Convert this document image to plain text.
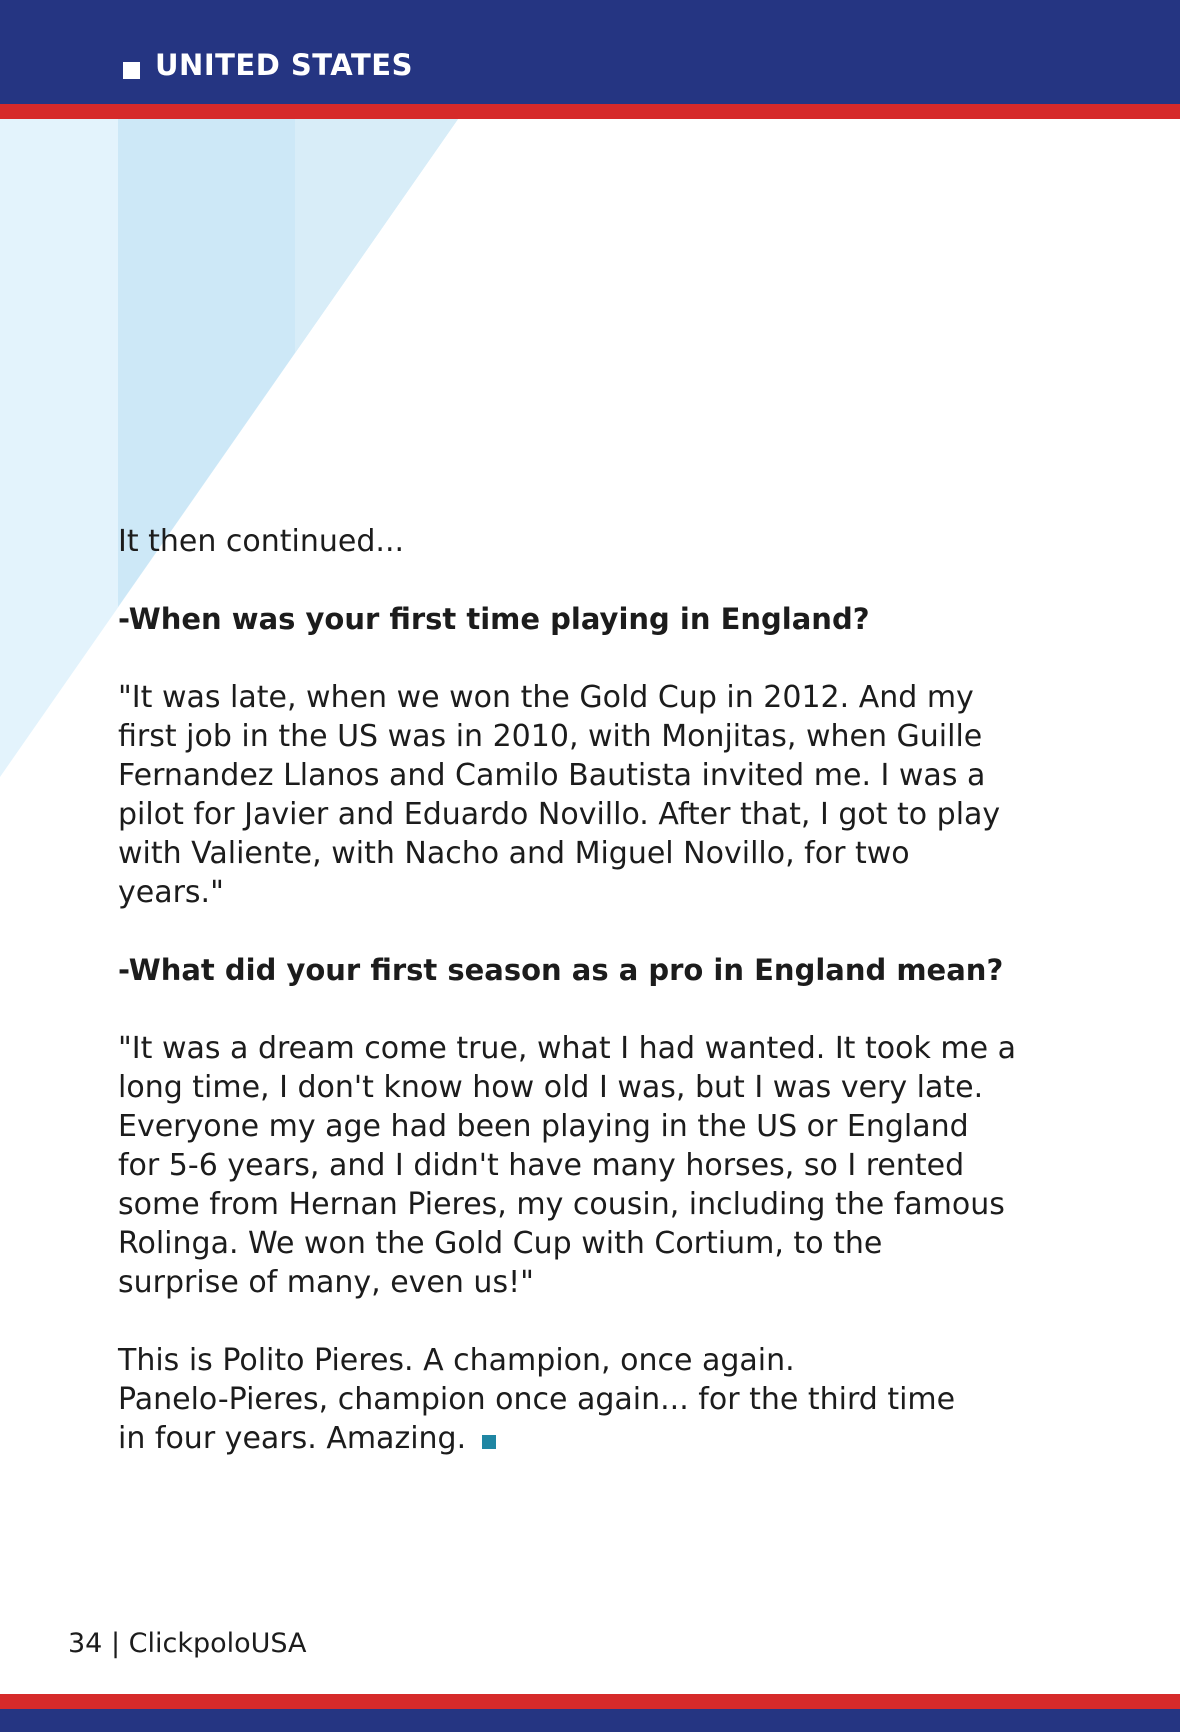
UNITED STATES

It then continued...

-When was your first time playing in England?

"It was late, when we won the Gold Cup in 2012. And my
first job in the US was in 2010, with Monjitas, when Guille
Fernandez Llanos and Camilo Bautista invited me. I was a
pilot for Javier and Eduardo Novillo. After that, I got to play
with Valiente, with Nacho and Miguel Novillo, for two
years."

-What did your first season as a pro in England mean?

"It was a dream come true, what I had wanted. It took me a
long time, I don't know how old I was, but I was very late.
Everyone my age had been playing in the US or England
for 5-6 years, and I didn't have many horses, so I rented
some from Hernan Pieres, my cousin, including the famous
Rolinga. We won the Gold Cup with Cortium, to the
surprise of many, even us!"

This is Polito Pieres. A champion, once again.
Panelo-Pieres, champion once again... for the third time
in four years. Amazing.

34 | ClickpoloUSA
